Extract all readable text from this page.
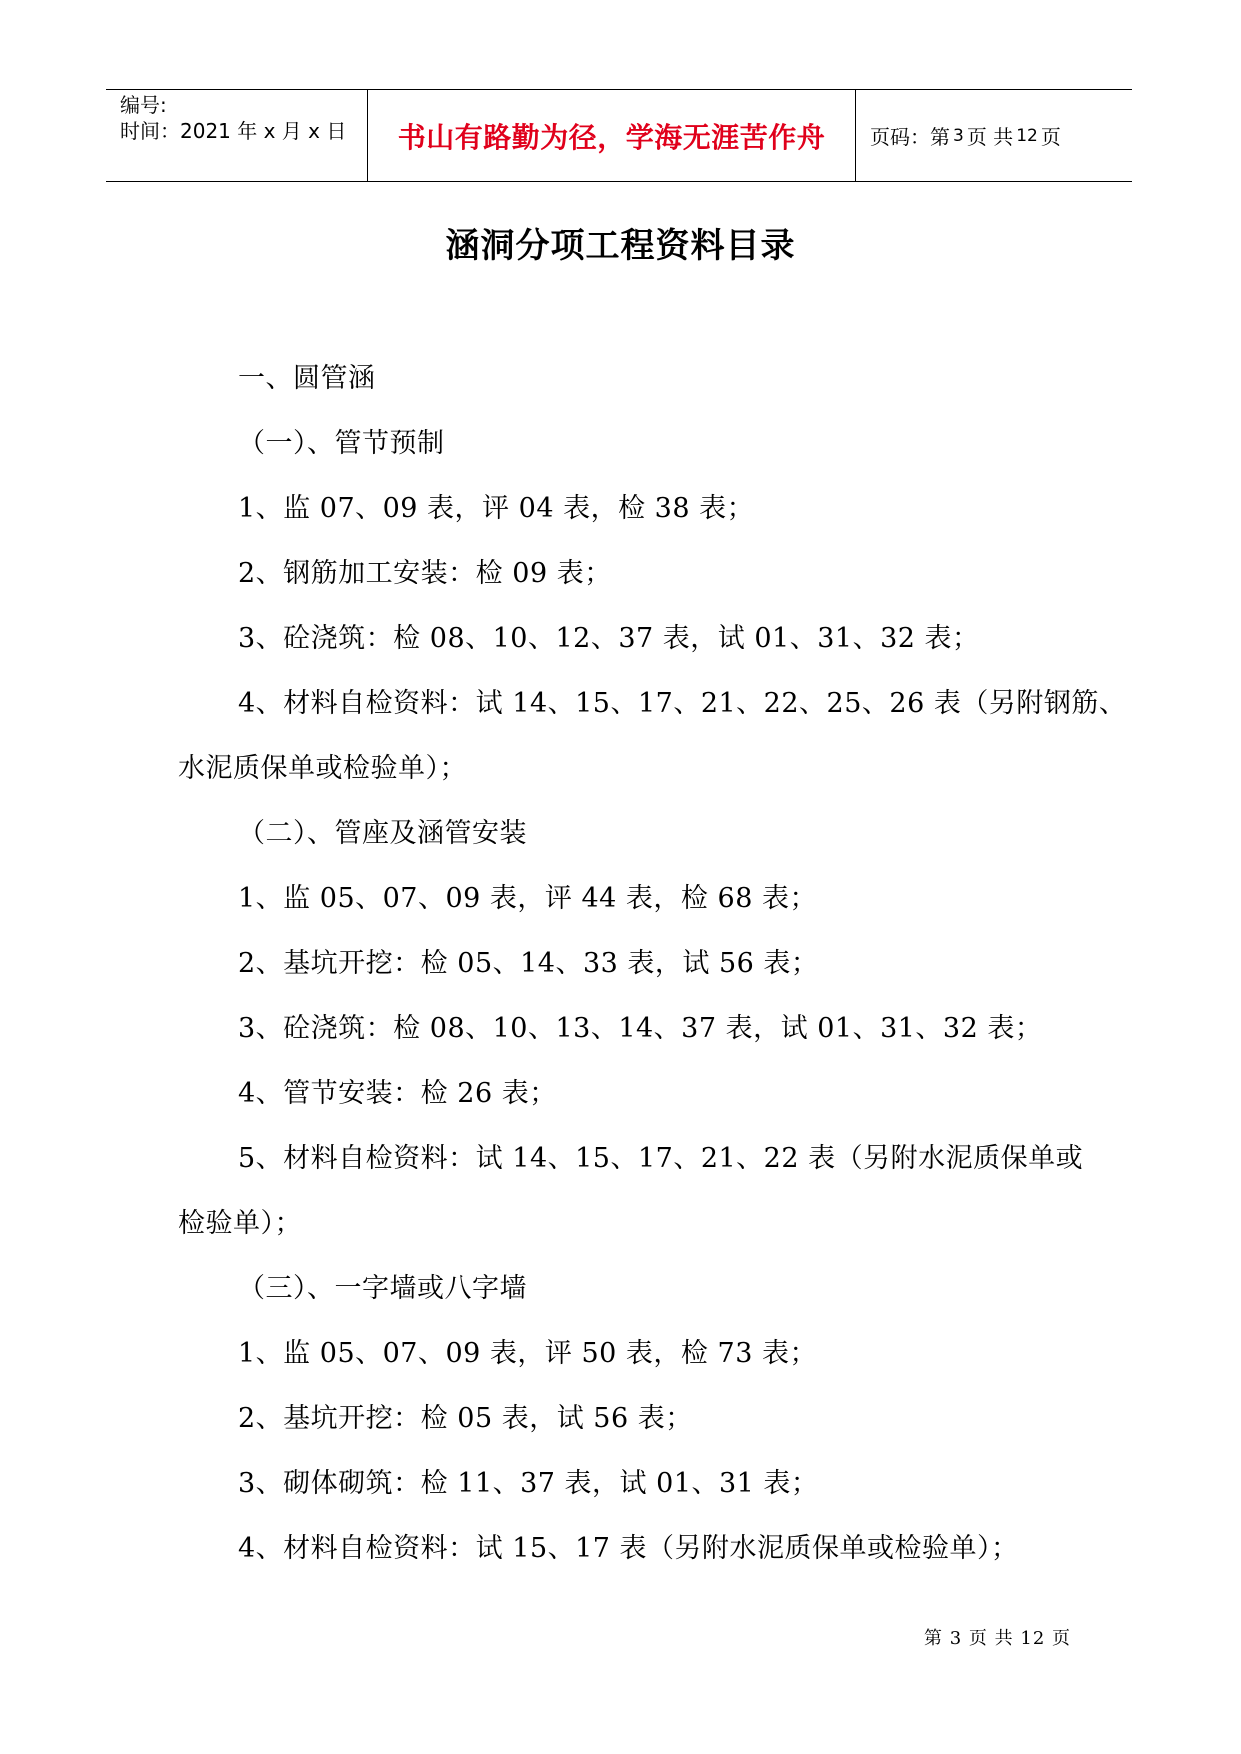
编号:
时间：2021 年 x 月 x 日	书山有路勤为径，学海无涯苦作舟	页码：第 3 页 共 12 页
涵洞分项工程资料目录
一、圆管涵
（一）、管节预制
1、监 07、09 表，评 04 表，检 38 表；
2、钢筋加工安装：检 09 表；
3、砼浇筑：检 08、10、12、37 表，试 01、31、32 表；
4、材料自检资料：试 14、15、17、21、22、25、26 表（另附钢筋、
水泥质保单或检验单）；
（二）、管座及涵管安装
1、监 05、07、09 表，评 44 表，检 68 表；
2、基坑开挖：检 05、14、33 表，试 56 表；
3、砼浇筑：检 08、10、13、14、37 表，试 01、31、32 表；
4、管节安装：检 26 表；
5、材料自检资料：试 14、15、17、21、22 表（另附水泥质保单或
检验单）；
（三）、一字墙或八字墙
1、监 05、07、09 表，评 50 表，检 73 表；
2、基坑开挖：检 05 表，试 56 表；
3、砌体砌筑：检 11、37 表，试 01、31 表；
4、材料自检资料：试 15、17 表（另附水泥质保单或检验单）；
第 3 页 共 12 页
